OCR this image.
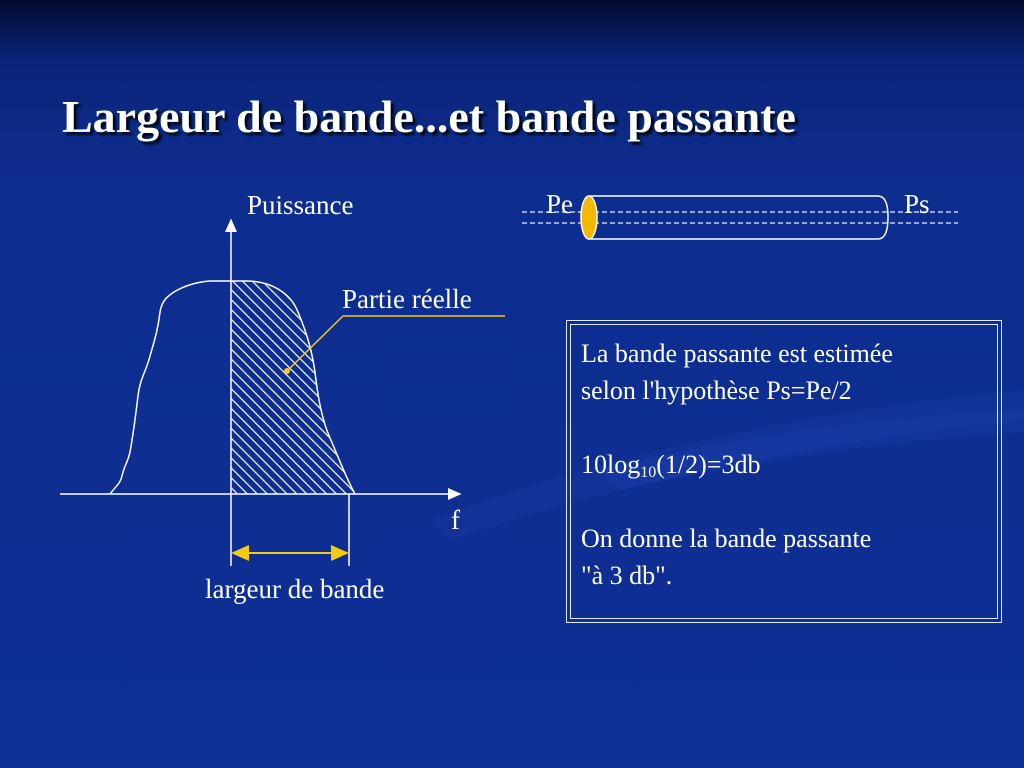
Largeur de bande...et bande passante
Puissance
f
Partie réelle
largeur de bande
Pe	Ps

La bande passante est estimée

selon l'hypothèse Ps=Pe/2

$10\log_{10}(1/2)=3db$

On donne la bande passante

"à 3 db".
